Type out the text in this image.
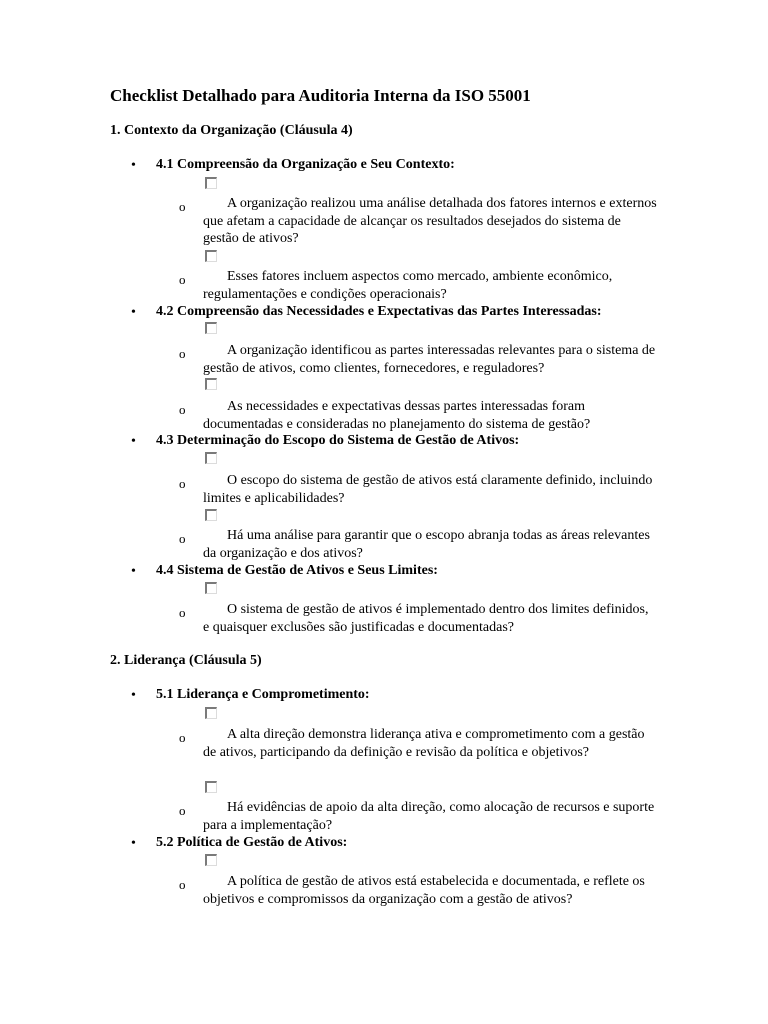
Checklist Detalhado para Auditoria Interna da ISO 55001
1. Contexto da Organização (Cláusula 4)
• 4.1 Compreensão da Organização e Seu Contexto:
o	A organização realizou uma análise detalhada dos fatores internos e externos que afetam a capacidade de alcançar os resultados desejados do sistema de gestão de ativos?
o	Esses fatores incluem aspectos como mercado, ambiente econômico, regulamentações e condições operacionais?
• 4.2 Compreensão das Necessidades e Expectativas das Partes Interessadas:
o	A organização identificou as partes interessadas relevantes para o sistema de gestão de ativos, como clientes, fornecedores, e reguladores?
o	As necessidades e expectativas dessas partes interessadas foram documentadas e consideradas no planejamento do sistema de gestão?
• 4.3 Determinação do Escopo do Sistema de Gestão de Ativos:
o	O escopo do sistema de gestão de ativos está claramente definido, incluindo limites e aplicabilidades?
o	Há uma análise para garantir que o escopo abranja todas as áreas relevantes da organização e dos ativos?
• 4.4 Sistema de Gestão de Ativos e Seus Limites:
o	O sistema de gestão de ativos é implementado dentro dos limites definidos, e quaisquer exclusões são justificadas e documentadas?
2. Liderança (Cláusula 5)
• 5.1 Liderança e Comprometimento:
o	A alta direção demonstra liderança ativa e comprometimento com a gestão de ativos, participando da definição e revisão da política e objetivos?
o	Há evidências de apoio da alta direção, como alocação de recursos e suporte para a implementação?
• 5.2 Política de Gestão de Ativos:
o	A política de gestão de ativos está estabelecida e documentada, e reflete os objetivos e compromissos da organização com a gestão de ativos?
